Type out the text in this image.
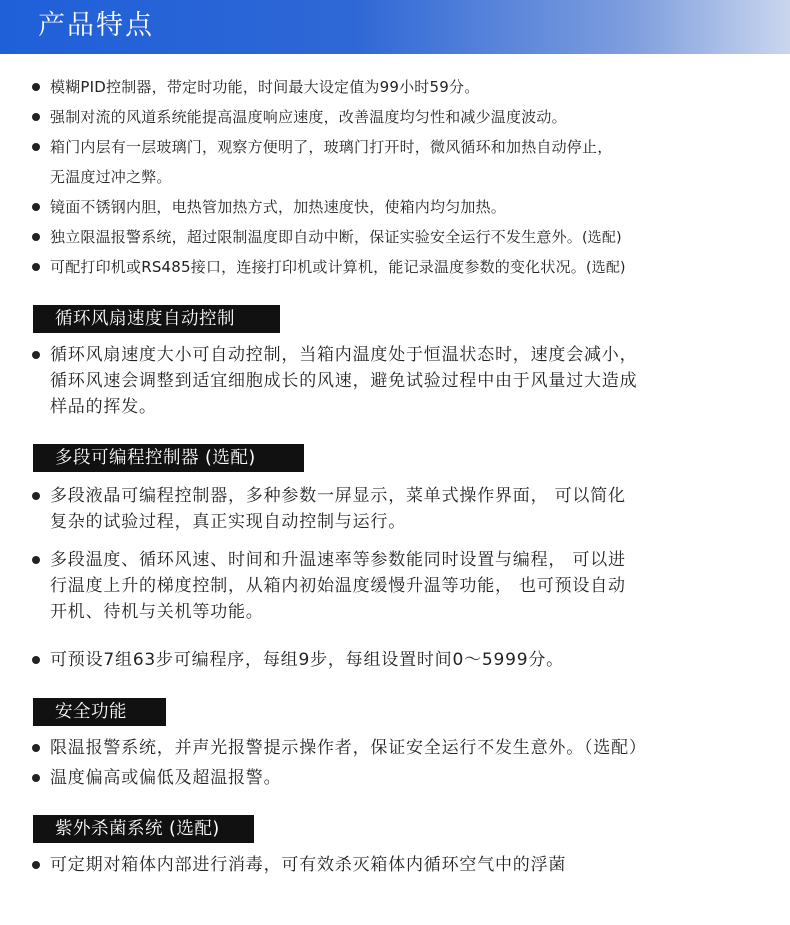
产品特点
模糊PID控制器，带定时功能，时间最大设定值为99小时59分。
强制对流的风道系统能提高温度响应速度，改善温度均匀性和减少温度波动。
箱门内层有一层玻璃门，观察方便明了，玻璃门打开时，微风循环和加热自动停止，
无温度过冲之弊。
镜面不锈钢内胆，电热管加热方式，加热速度快，使箱内均匀加热。
独立限温报警系统，超过限制温度即自动中断，保证实验安全运行不发生意外。(选配)
可配打印机或RS485接口，连接打印机或计算机，能记录温度参数的变化状况。(选配)
循环风扇速度自动控制
循环风扇速度大小可自动控制，当箱内温度处于恒温状态时，速度会减小，
循环风速会调整到适宜细胞成长的风速，避免试验过程中由于风量过大造成
样品的挥发。
多段可编程控制器 (选配)
多段液晶可编程控制器，多种参数一屏显示，菜单式操作界面， 可以简化
复杂的试验过程，真正实现自动控制与运行。
多段温度、循环风速、时间和升温速率等参数能同时设置与编程， 可以进
行温度上升的梯度控制，从箱内初始温度缓慢升温等功能， 也可预设自动
开机、待机与关机等功能。
可预设7组63步可编程序，每组9步，每组设置时间0～5999分。
安全功能
限温报警系统，并声光报警提示操作者，保证安全运行不发生意外。（选配）
温度偏高或偏低及超温报警。
紫外杀菌系统 (选配)
可定期对箱体内部进行消毒，可有效杀灭箱体内循环空气中的浮菌
